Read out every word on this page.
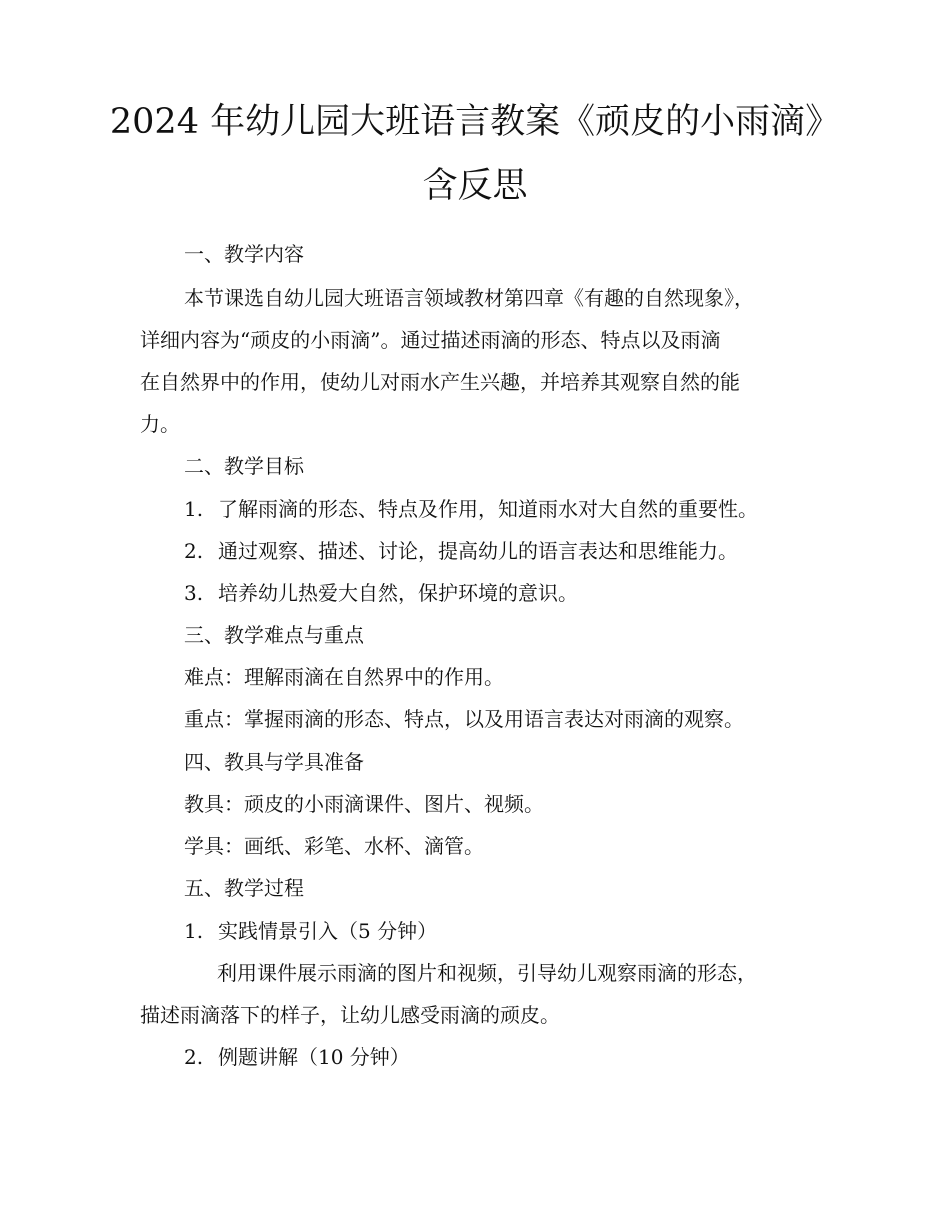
2024 年幼儿园大班语言教案《顽皮的小雨滴》
含反思
一、教学内容
本节课选自幼儿园大班语言领域教材第四章《有趣的自然现象》，
详细内容为“顽皮的小雨滴”。通过描述雨滴的形态、特点以及雨滴
在自然界中的作用，使幼儿对雨水产生兴趣，并培养其观察自然的能
力。
二、教学目标
1. 了解雨滴的形态、特点及作用，知道雨水对大自然的重要性。
2. 通过观察、描述、讨论，提高幼儿的语言表达和思维能力。
3. 培养幼儿热爱大自然，保护环境的意识。
三、教学难点与重点
难点：理解雨滴在自然界中的作用。
重点：掌握雨滴的形态、特点，以及用语言表达对雨滴的观察。
四、教具与学具准备
教具：顽皮的小雨滴课件、图片、视频。
学具：画纸、彩笔、水杯、滴管。
五、教学过程
1. 实践情景引入（5 分钟）
利用课件展示雨滴的图片和视频，引导幼儿观察雨滴的形态，
描述雨滴落下的样子，让幼儿感受雨滴的顽皮。
2. 例题讲解（10 分钟）
